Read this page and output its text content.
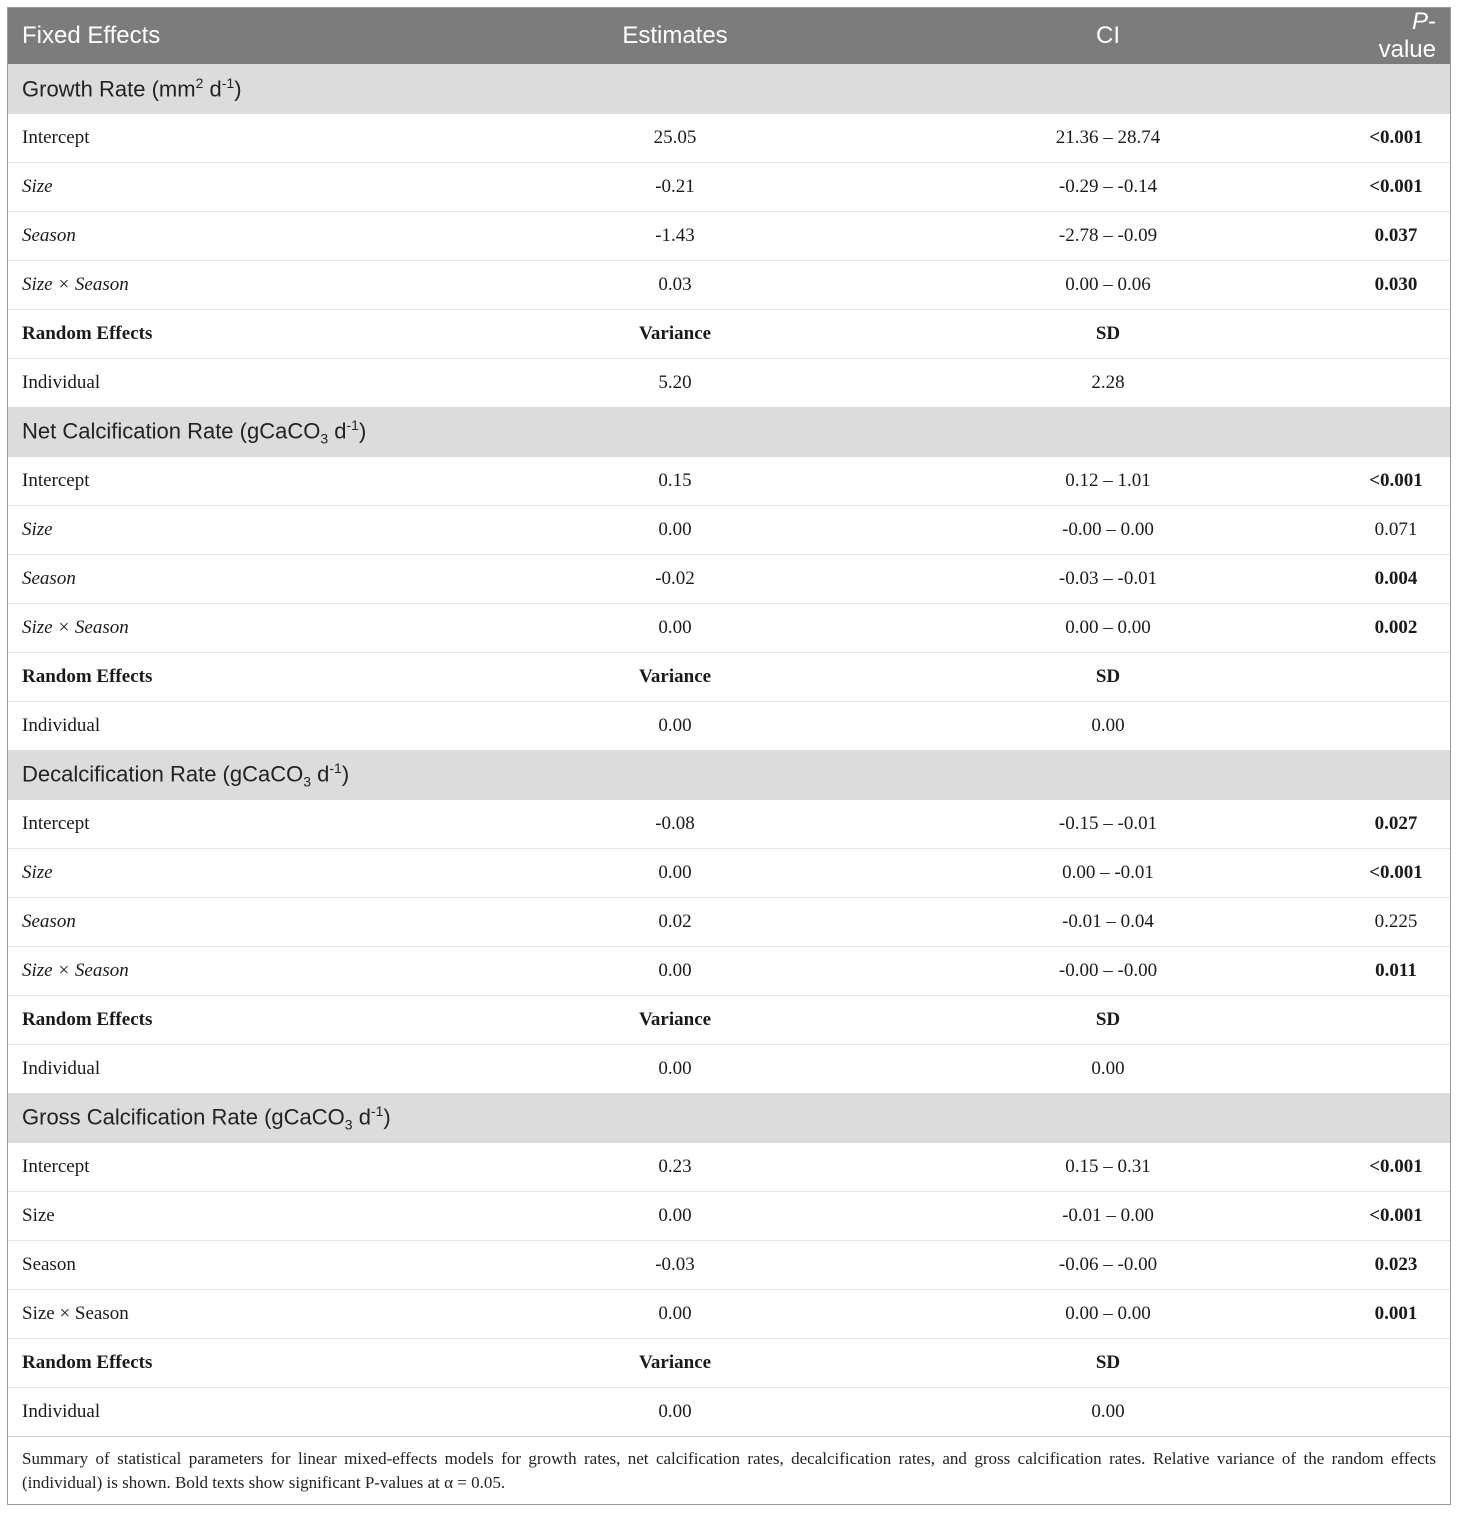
Fixed Effects	Estimates	CI	P-value
Growth Rate ($mm^2$ $d^{-1}$)			
Intercept	25.05	21.36 – 28.74	<0.001
Size	-0.21	-0.29 – -0.14	<0.001
Season	-1.43	-2.78 – -0.09	0.037
Size × Season	0.03	0.00 – 0.06	0.030
Random Effects	Variance	SD	
Individual	5.20	2.28	
Net Calcification Rate (gCaCO$_3$ $d^{-1}$)			
Intercept	0.15	0.12 – 1.01	<0.001
Size	0.00	-0.00 – 0.00	0.071
Season	-0.02	-0.03 – -0.01	0.004
Size × Season	0.00	0.00 – 0.00	0.002
Random Effects	Variance	SD	
Individual	0.00	0.00	
Decalcification Rate (gCaCO$_3$ $d^{-1}$)			
Intercept	-0.08	-0.15 – -0.01	0.027
Size	0.00	0.00 – -0.01	<0.001
Season	0.02	-0.01 – 0.04	0.225
Size × Season	0.00	-0.00 – -0.00	0.011
Random Effects	Variance	SD	
Individual	0.00	0.00	
Gross Calcification Rate (gCaCO$_3$ $d^{-1}$)			
Intercept	0.23	0.15 – 0.31	<0.001
Size	0.00	-0.01 – 0.00	<0.001
Season	-0.03	-0.06 – -0.00	0.023
Size × Season	0.00	0.00 – 0.00	0.001
Random Effects	Variance	SD	
Individual	0.00	0.00	
Summary of statistical parameters for linear mixed-effects models for growth rates, net calcification rates, decalcification rates, and gross calcification rates. Relative variance of the random effects (individual) is shown. Bold texts show significant P-values at α = 0.05.
